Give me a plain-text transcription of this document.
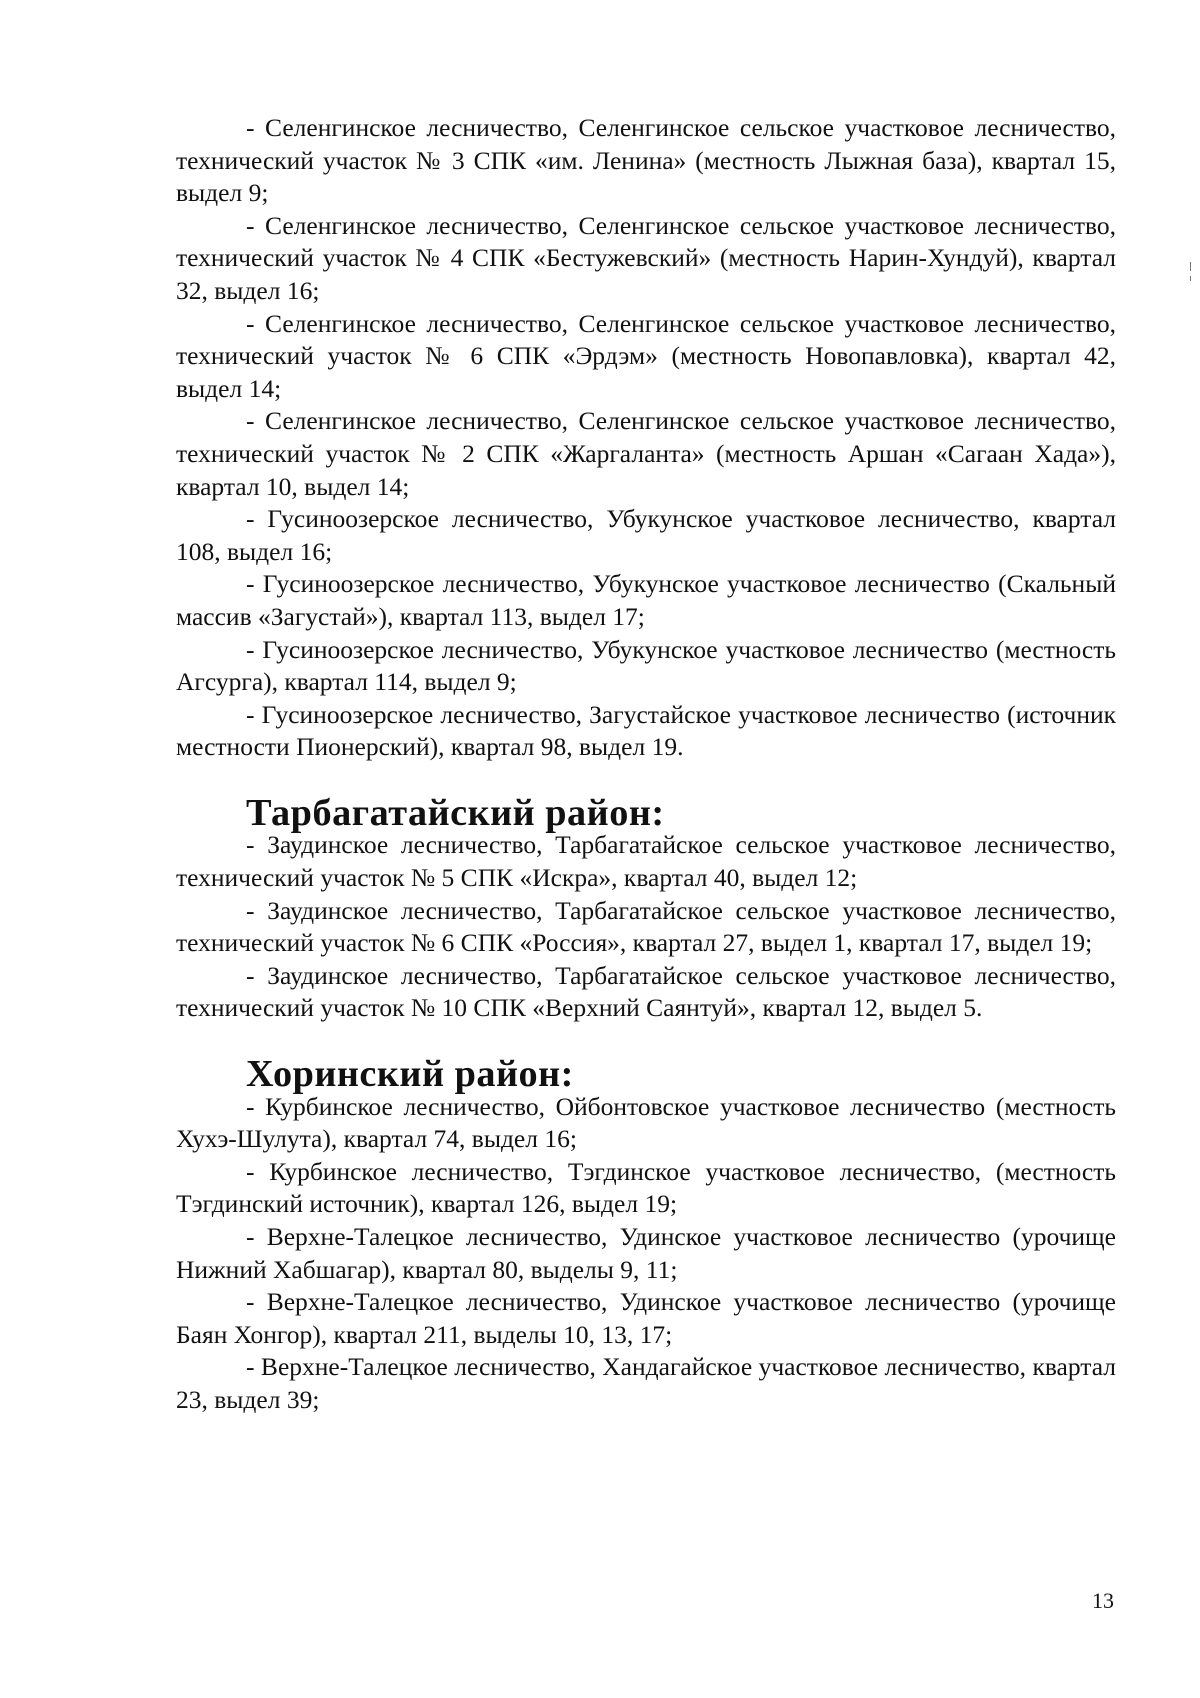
- Селенгинское лесничество, Селенгинское сельское участковое лесничество, технический участок № 3 СПК «им. Ленина» (местность Лыжная база), квартал 15, выдел 9;

- Селенгинское лесничество, Селенгинское сельское участковое лесничество, технический участок № 4 СПК «Бестужевский» (местность Нарин-Хундуй), квартал 32, выдел 16;

- Селенгинское лесничество, Селенгинское сельское участковое лесничество, технический участок № 6 СПК «Эрдэм» (местность Новопавловка), квартал 42, выдел 14;

- Селенгинское лесничество, Селенгинское сельское участковое лесничество, технический участок № 2 СПК «Жаргаланта» (местность Аршан «Сагаан Хада»), квартал 10, выдел 14;

- Гусиноозерское лесничество, Убукунское участковое лесничество, квартал 108, выдел 16;

- Гусиноозерское лесничество, Убукунское участковое лесничество (Скальный массив «Загустай»), квартал 113, выдел 17;

- Гусиноозерское лесничество, Убукунское участковое лесничество (местность Агсурга), квартал 114, выдел 9;

- Гусиноозерское лесничество, Загустайское участковое лесничество (источник местности Пионерский), квартал 98, выдел 19.

Тарбагатайский район:

- Заудинское лесничество, Тарбагатайское сельское участковое лесничество, технический участок № 5 СПК «Искра», квартал 40, выдел 12;

- Заудинское лесничество, Тарбагатайское сельское участковое лесничество, технический участок № 6 СПК «Россия», квартал 27, выдел 1, квартал 17, выдел 19;

- Заудинское лесничество, Тарбагатайское сельское участковое лесничество, технический участок № 10 СПК «Верхний Саянтуй», квартал 12, выдел 5.

Хоринский район:

- Курбинское лесничество, Ойбонтовское участковое лесничество (местность Хухэ-Шулута), квартал 74, выдел 16;

- Курбинское лесничество, Тэгдинское участковое лесничество, (местность Тэгдинский источник), квартал 126, выдел 19;

- Верхне-Талецкое лесничество, Удинское участковое лесничество (урочище Нижний Хабшагар), квартал 80, выделы 9, 11;

- Верхне-Талецкое лесничество, Удинское участковое лесничество (урочище Баян Хонгор), квартал 211, выделы 10, 13, 17;

- Верхне-Талецкое лесничество, Хандагайское участковое лесничество, квартал 23, выдел 39;

13
